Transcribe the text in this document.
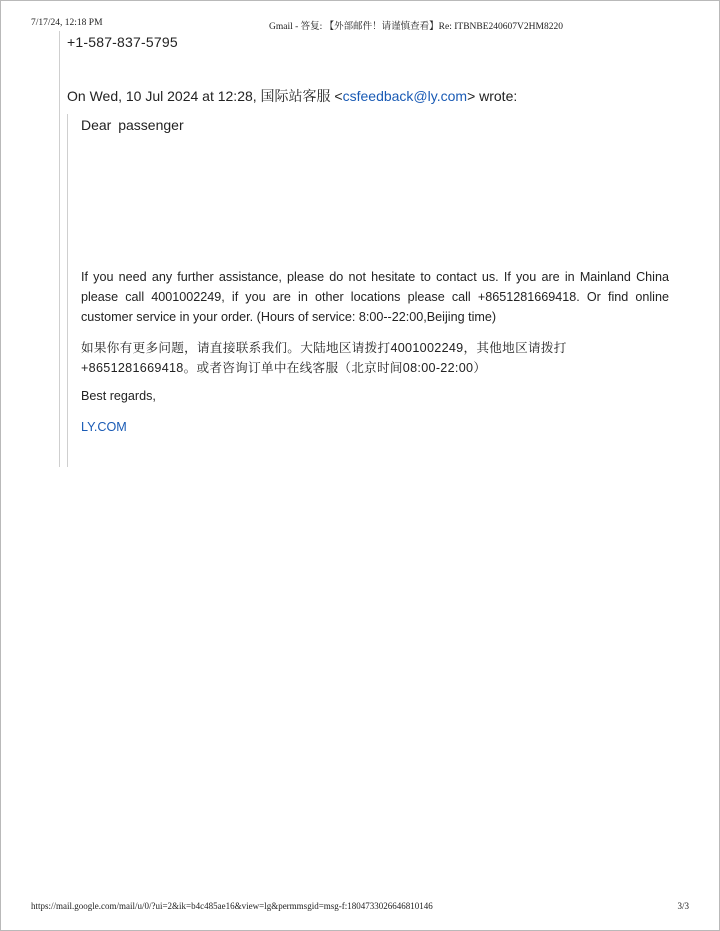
7/17/24, 12:18 PM	Gmail - 答复: 【外部邮件！请谨慎查看】Re: ITBNBE240607V2HM8220
+1-587-837-5795
On Wed, 10 Jul 2024 at 12:28, 国际站客服 <csfeedback@ly.com> wrote:
Dear passenger
If you need any further assistance, please do not hesitate to contact us. If you are in Mainland China please call 4001002249, if you are in other locations please call +8651281669418. Or find online customer service in your order. (Hours of service: 8:00--22:00,Beijing time)
如果你有更多问题，请直接联系我们。大陆地区请拨打4001002249，其他地区请拨打+8651281669418。或者咨询订单中在线客服（北京时间08:00-22:00）
Best regards,
LY.COM
https://mail.google.com/mail/u/0/?ui=2&ik=b4c485ae16&view=lg&permmsgid=msg-f:1804733026646810146	3/3
